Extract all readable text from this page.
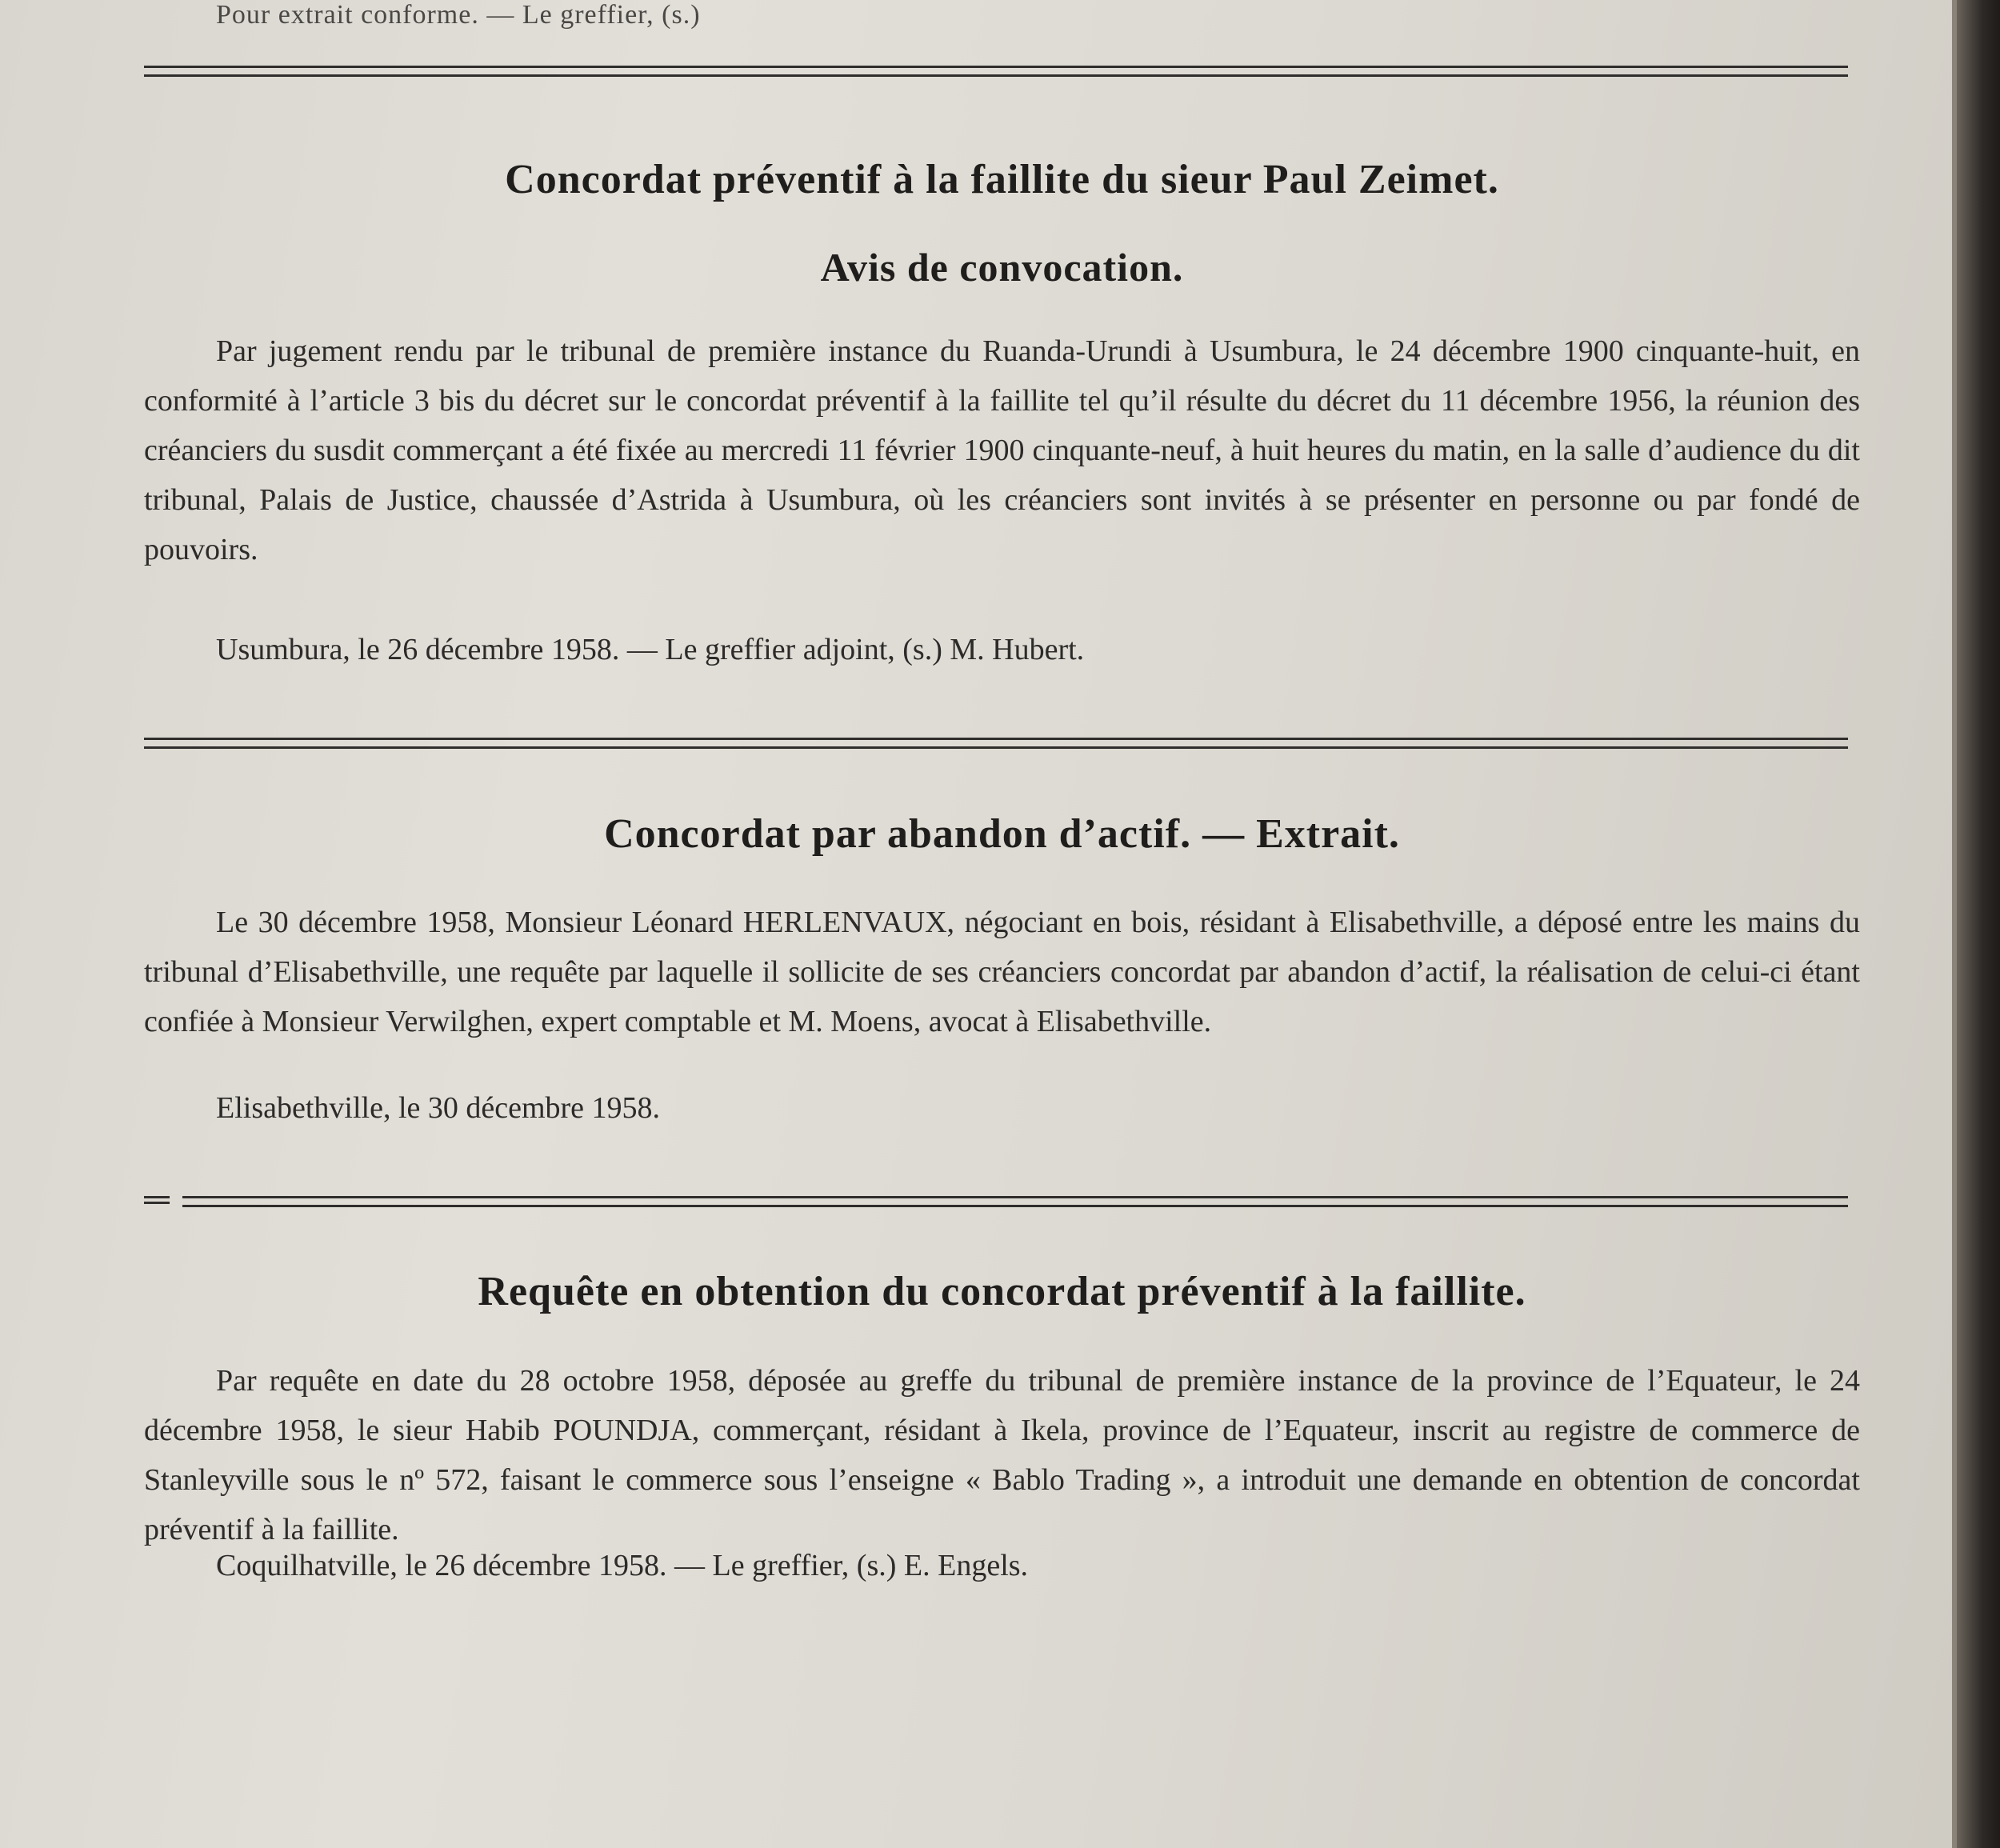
Pour extrait conforme. — Le greffier, (s.)
Concordat préventif à la faillite du sieur Paul Zeimet.
Avis de convocation.

Par jugement rendu par le tribunal de première instance du Ruanda-Urundi à Usumbura, le 24 décembre 1900 cinquante-huit, en conformité à l’article 3 bis du décret sur le concordat préventif à la faillite tel qu’il résulte du décret du 11 décembre 1956, la réunion des créanciers du susdit commerçant a été fixée au mercredi 11 février 1900 cinquante-neuf, à huit heures du matin, en la salle d’audience du dit tribunal, Palais de Justice, chaussée d’Astrida à Usumbura, où les créanciers sont invités à se présenter en personne ou par fondé de pouvoirs.

Usumbura, le 26 décembre 1958. — Le greffier adjoint, (s.) M. Hubert.
Concordat par abandon d’actif. — Extrait.

Le 30 décembre 1958, Monsieur Léonard HERLENVAUX, négociant en bois, résidant à Elisabethville, a déposé entre les mains du tribunal d’Elisabethville, une requête par laquelle il sollicite de ses créanciers concordat par abandon d’actif, la réalisation de celui-ci étant confiée à Monsieur Verwilghen, expert comptable et M. Moens, avocat à Elisabethville.

Elisabethville, le 30 décembre 1958.
Requête en obtention du concordat préventif à la faillite.

Par requête en date du 28 octobre 1958, déposée au greffe du tribunal de première instance de la province de l’Equateur, le 24 décembre 1958, le sieur Habib POUNDJA, commerçant, résidant à Ikela, province de l’Equateur, inscrit au registre de commerce de Stanleyville sous le nº 572, faisant le commerce sous l’enseigne « Bablo Trading », a introduit une demande en obtention de concordat préventif à la faillite.

Coquilhatville, le 26 décembre 1958. — Le greffier, (s.) E. Engels.
